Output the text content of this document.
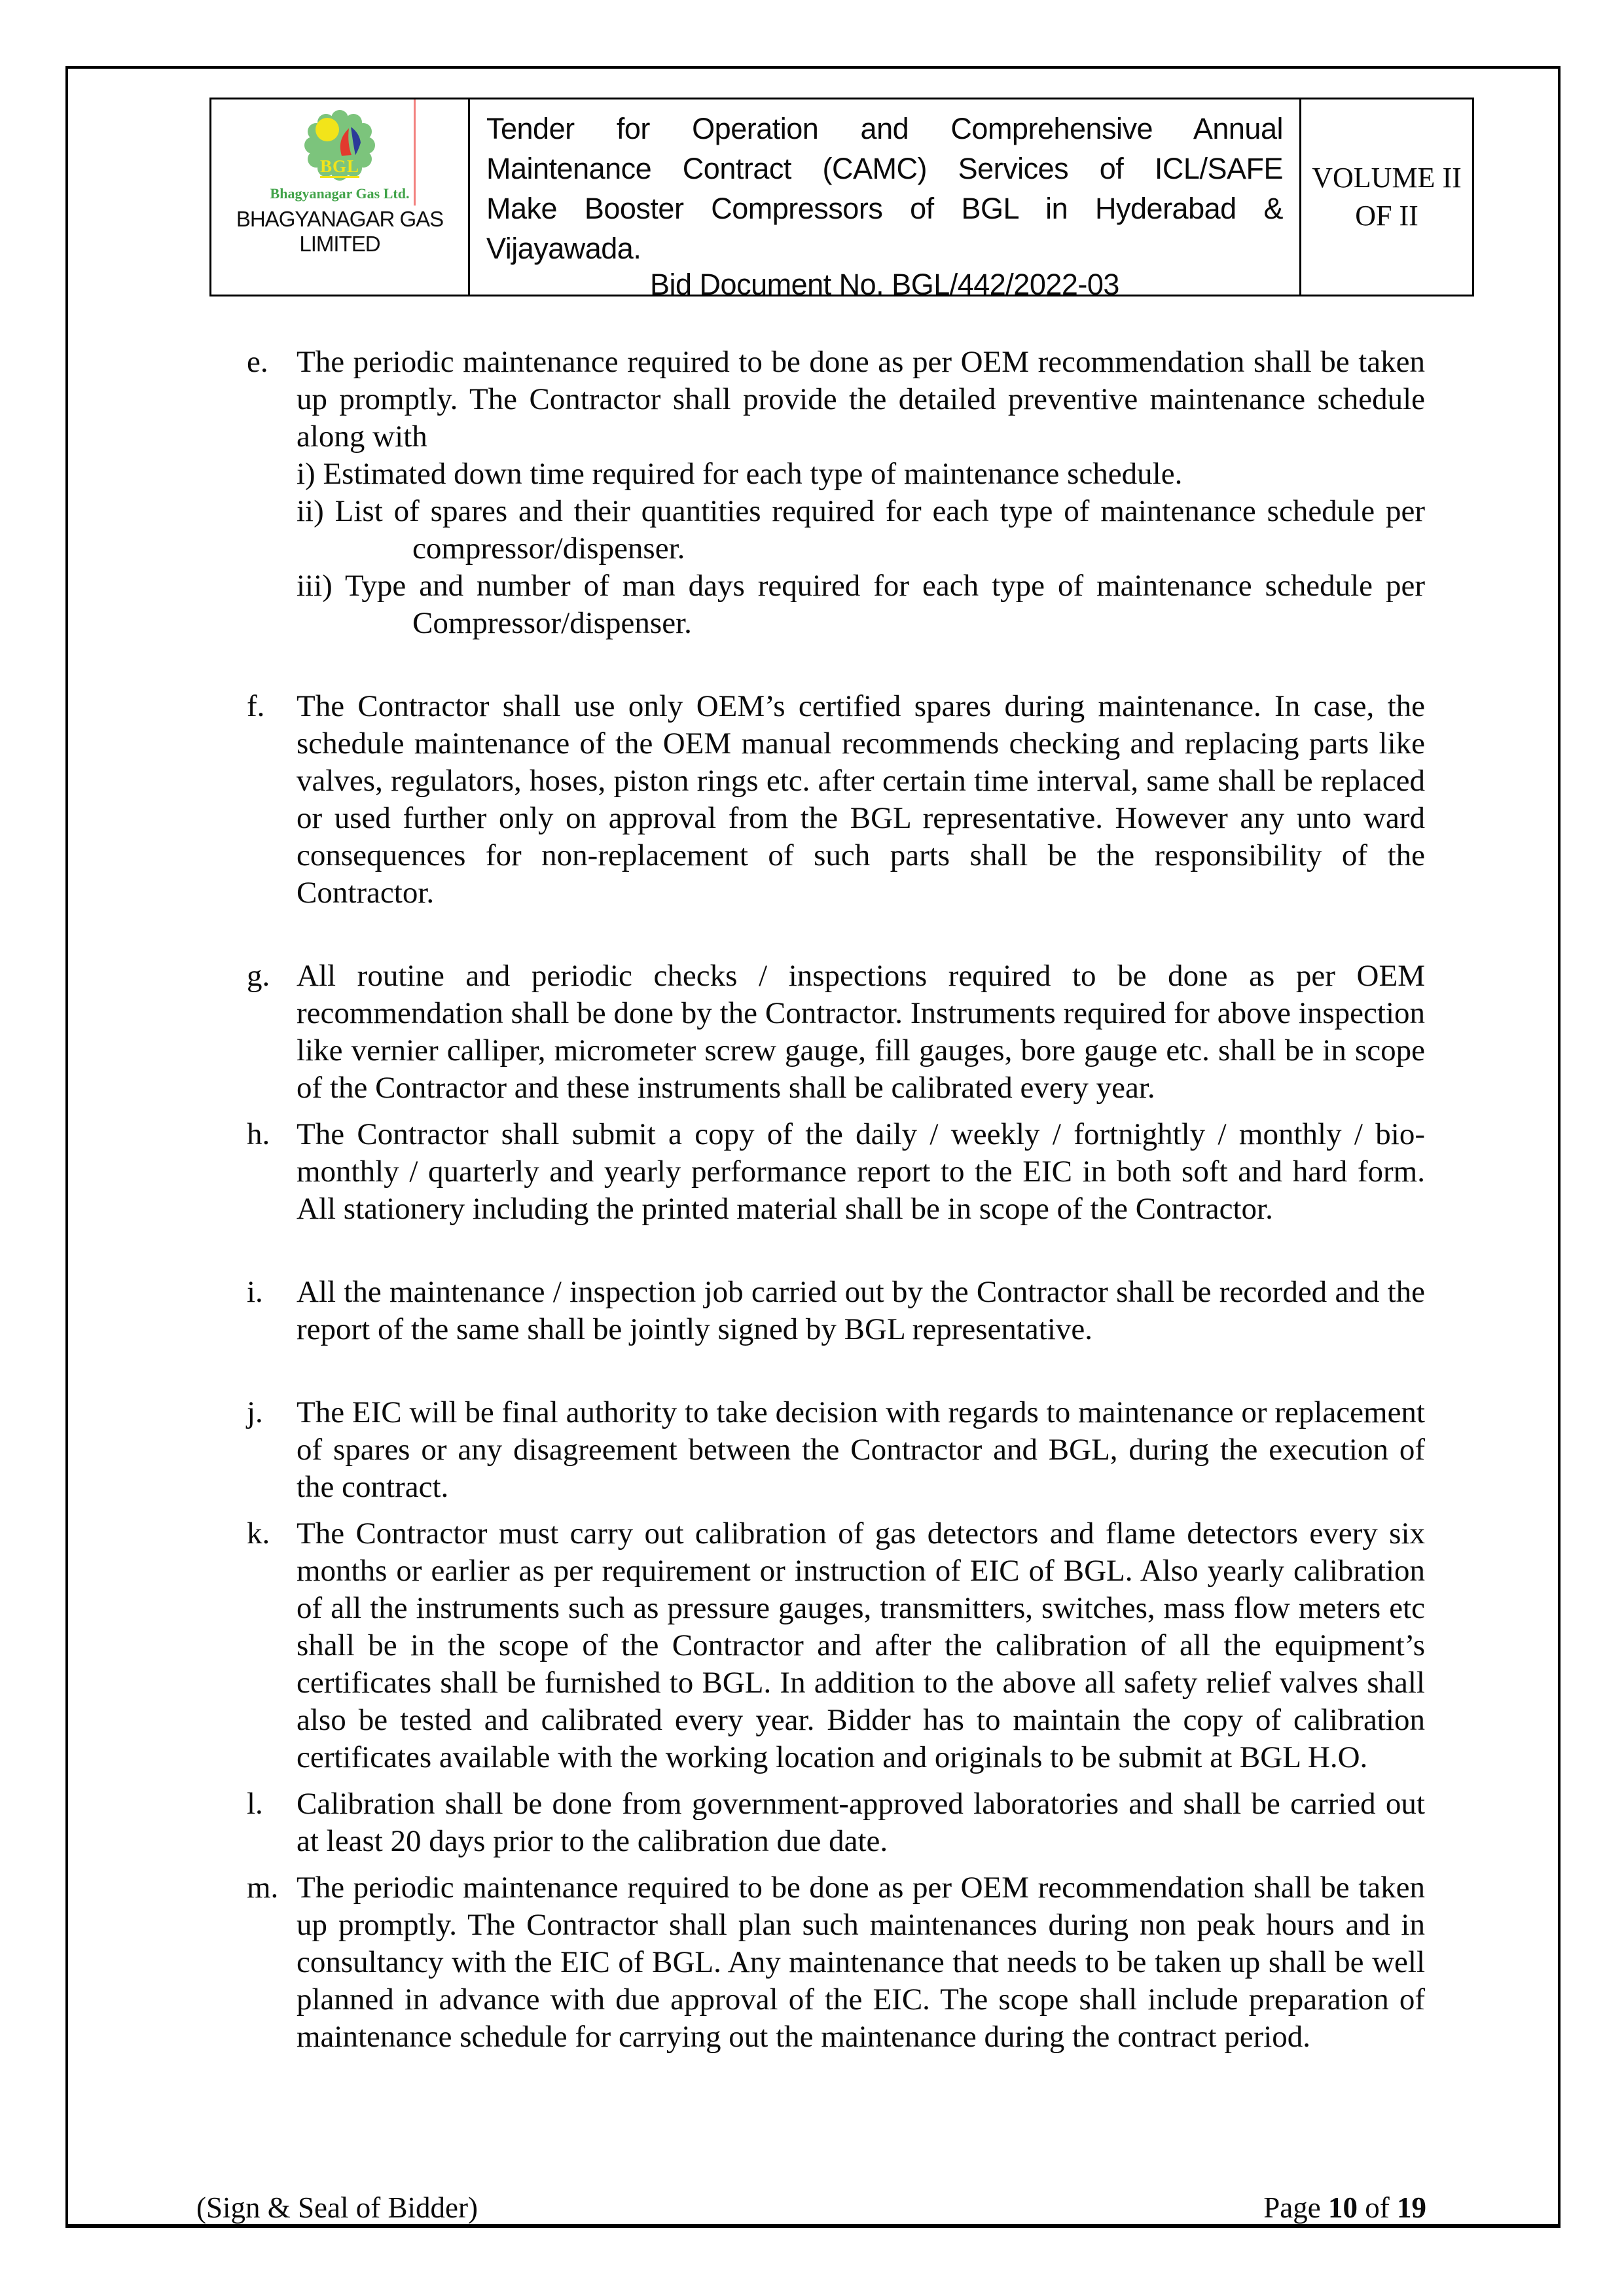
BGL
Bhagyanagar Gas Ltd.
BHAGYANAGAR GAS
LIMITED
Tender for Operation and Comprehensive Annual
Maintenance Contract (CAMC) Services of ICL/SAFE
Make Booster Compressors of BGL in Hyderabad &
Vijayawada.
Bid Document No. BGL/442/2022-03
VOLUME II
OF II
e. The periodic maintenance required to be done as per OEM recommendation shall be taken up promptly. The Contractor shall provide the detailed preventive maintenance schedule along with
i) Estimated down time required for each type of maintenance schedule.
ii) List of spares and their quantities required for each type of maintenance schedule per compressor/dispenser.
iii) Type and number of man days required for each type of maintenance schedule per Compressor/dispenser.
f.	The Contractor shall use only OEM’s certified spares during maintenance. In case, the schedule maintenance of the OEM manual recommends checking and replacing parts like valves, regulators, hoses, piston rings etc. after certain time interval, same shall be replaced or used further only on approval from the BGL representative. However any unto ward consequences for non-replacement of such parts shall be the responsibility of the Contractor.
g. All routine and periodic checks / inspections required to be done as per OEM recommendation shall be done by the Contractor. Instruments required for above inspection like vernier calliper, micrometer screw gauge, fill gauges, bore gauge etc. shall be in scope of the Contractor and these instruments shall be calibrated every year.
h. The Contractor shall submit a copy of the daily / weekly / fortnightly / monthly / bio-monthly / quarterly and yearly performance report to the EIC in both soft and hard form. All stationery including the printed material shall be in scope of the Contractor.
i.	All the maintenance / inspection job carried out by the Contractor shall be recorded and the report of the same shall be jointly signed by BGL representative.
j.	The EIC will be final authority to take decision with regards to maintenance or replacement of spares or any disagreement between the Contractor and BGL, during the execution of the contract.
k. The Contractor must carry out calibration of gas detectors and flame detectors every six months or earlier as per requirement or instruction of EIC of BGL. Also yearly calibration of all the instruments such as pressure gauges, transmitters, switches, mass flow meters etc shall be in the scope of the Contractor and after the calibration of all the equipment’s certificates shall be furnished to BGL. In addition to the above all safety relief valves shall also be tested and calibrated every year. Bidder has to maintain the copy of calibration certificates available with the working location and originals to be submit at BGL H.O.
l.	Calibration shall be done from government-approved laboratories and shall be carried out at least 20 days prior to the calibration due date.
m. The periodic maintenance required to be done as per OEM recommendation shall be taken up promptly. The Contractor shall plan such maintenances during non peak hours and in consultancy with the EIC of BGL. Any maintenance that needs to be taken up shall be well planned in advance with due approval of the EIC. The scope shall include preparation of maintenance schedule for carrying out the maintenance during the contract period.
(Sign & Seal of Bidder)	Page 10 of 19
